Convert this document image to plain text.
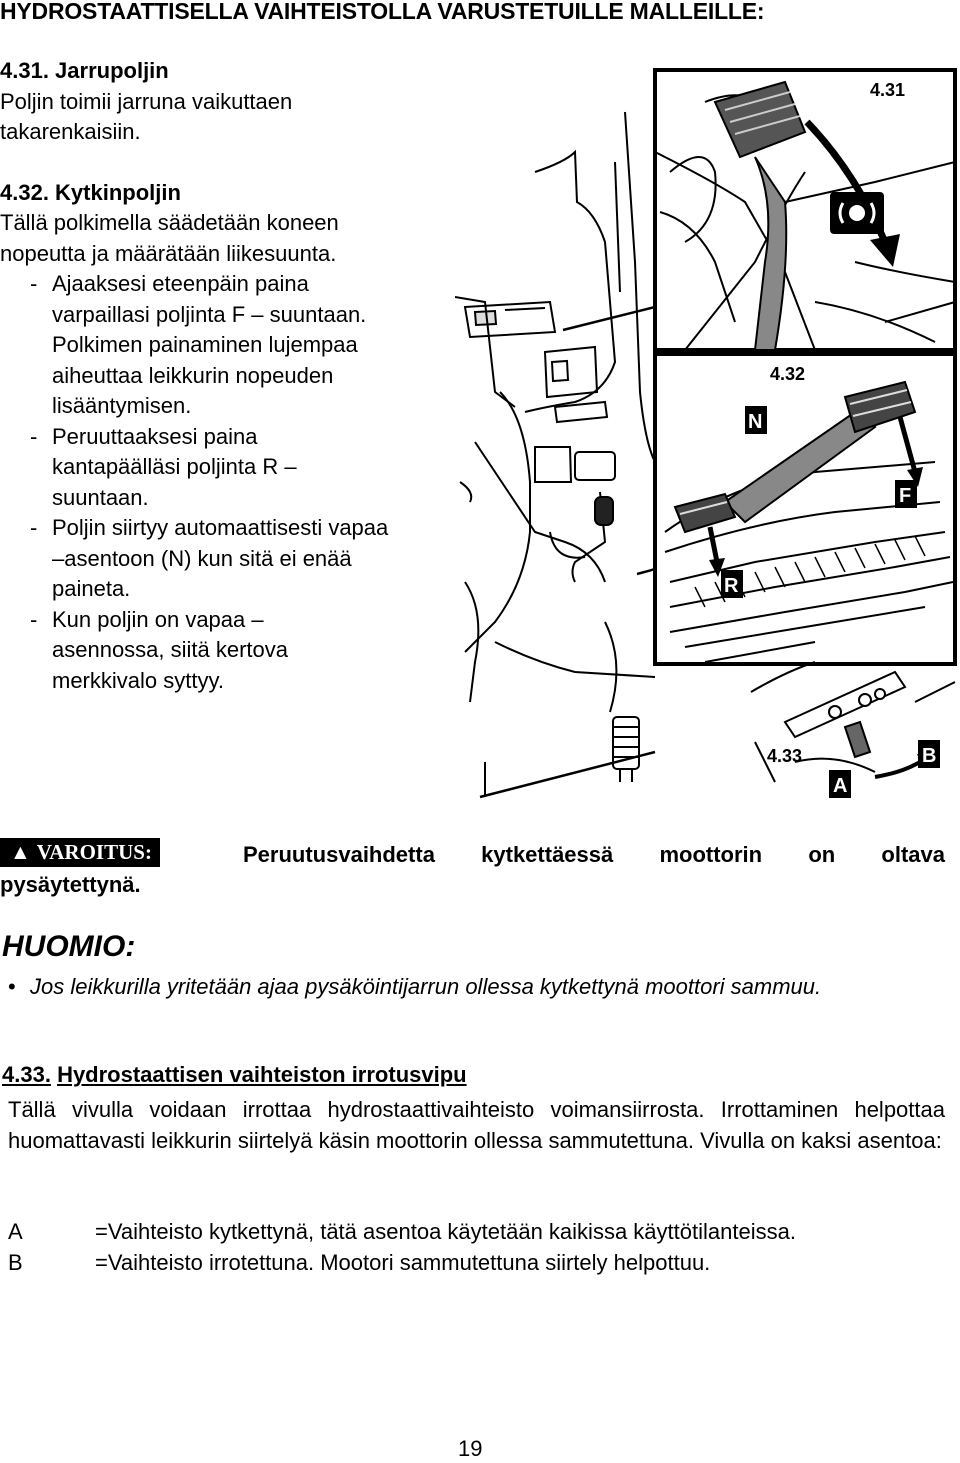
HYDROSTAATTISELLA VAIHTEISTOLLA VARUSTETUILLE MALLEILLE:

4.31. Jarrupoljin

Poljin toimii jarruna vaikuttaen takarenkaisiin.

4.32. Kytkinpoljin

Tällä polkimella säädetään koneen nopeutta ja määrätään liikesuunta.

- Ajaaksesi eteenpäin paina varpaillasi poljinta F – suuntaan. Polkimen painaminen lujempaa aiheuttaa leikkurin nopeuden lisääntymisen.
- Peruuttaaksesi paina kantapäälläsi poljinta R – suuntaan.
- Poljin siirtyy automaattisesti vapaa –asentoon (N) kun sitä ei enää paineta.
- Kun poljin on vapaa – asennossa, siitä kertova merkkivalo syttyy.
4.31
4.32
N
F
R
4.33	B
A
▲ VAROITUS:	Peruutusvaihdetta kytkettäessä moottorin on oltava
pysäytettynä.
HUOMIO:
• Jos leikkurilla yritetään ajaa pysäköintijarrun ollessa kytkettynä moottori sammuu.
4.33. Hydrostaattisen vaihteiston irrotusvipu
Tällä vivulla voidaan irrottaa hydrostaattivaihteisto voimansiirrosta. Irrottaminen helpottaa huomattavasti leikkurin siirtelyä käsin moottorin ollessa sammutettuna. Vivulla on kaksi asentoa:
A	=Vaihteisto kytkettynä, tätä asentoa käytetään kaikissa käyttötilanteissa.
B	=Vaihteisto irrotettuna. Mootori sammutettuna siirtely helpottuu.
19
